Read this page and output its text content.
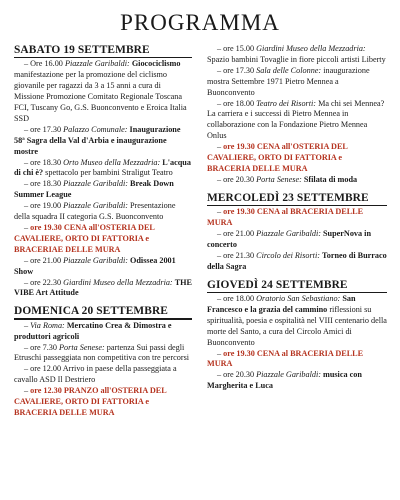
PROGRAMMA
SABATO 19 SETTEMBRE

– Ore 16.00 Piazzale Garibaldi: Giocociclismo manifestazione per la promozione del ciclismo giovanile per ragazzi da 3 a 15 anni a cura di Missione Promozione Comitato Regionale Toscana FCI, Tuscany Go, G.S. Buonconvento e Eroica Italia SSD

– ore 17.30 Palazzo Comunale: Inaugurazione 58ª Sagra della Val d'Arbia e inaugurazione mostre

– ore 18.30 Orto Museo della Mezzadria: L'acqua di chi è? spettacolo per bambini Straligut Teatro

– ore 18.30 Piazzale Garibaldi: Break Down Summer League

– ore 19.00 Piazzale Garibaldi: Presentazione della squadra II categoria G.S. Buonconvento

– ore 19.30 CENA all'OSTERIA DEL CAVALIERE, ORTO DI FATTORIA e BRACERIAE DELLE MURA

– ore 21.00 Piazzale Garibaldi: Odissea 2001 Show

– ore 22.30 Giardini Museo della Mezzadria: THE VIBE Art Attitude

DOMENICA 20 SETTEMBRE

– Via Roma: Mercatino Crea & Dimostra e produttori agricoli

– ore 7.30 Porta Senese: partenza Sui passi degli Etruschi passeggiata non competitiva con tre percorsi

– ore 12.00 Arrivo in paese della passeggiata a cavallo ASD Il Destriero

– ore 12.30 PRANZO all'OSTERIA DEL CAVALIERE, ORTO DI FATTORIA e BRACERIA DELLE MURA

– ore 15.00 Giardini Museo della Mezzadria: Spazio bambini Tovaglie in fiore piccoli artisti Liberty

– ore 17.30 Sala delle Colonne: inaugurazione mostra Settembre 1971 Pietro Mennea a Buonconvento

– ore 18.00 Teatro dei Risorti: Ma chi sei Mennea? La carriera e i successi di Pietro Mennea in collaborazione con la Fondazione Pietro Mennea Onlus

– ore 19.30 CENA all'OSTERIA DEL CAVALIERE, ORTO DI FATTORIA e BRACERIA DELLE MURA

– ore 20.30 Porta Senese: Sfilata di moda

MERCOLEDÌ 23 SETTEMBRE

– ore 19.30 CENA al BRACERIA DELLE MURA

– ore 21.00 Piazzale Garibaldi: SuperNova in concerto

– ore 21.30 Circolo dei Risorti: Torneo di Burraco della Sagra

GIOVEDÌ 24 SETTEMBRE

– ore 18.00 Oratorio San Sebastiano: San Francesco e la grazia del cammino riflessioni su spiritualità, poesia e ospitalità nel VIII centenario della morte del Santo, a cura del Circolo Amici di Buonconvento

– ore 19.30 CENA al BRACERIA DELLE MURA

– ore 20.30 Piazzale Garibaldi: musica con Margherita e Luca
